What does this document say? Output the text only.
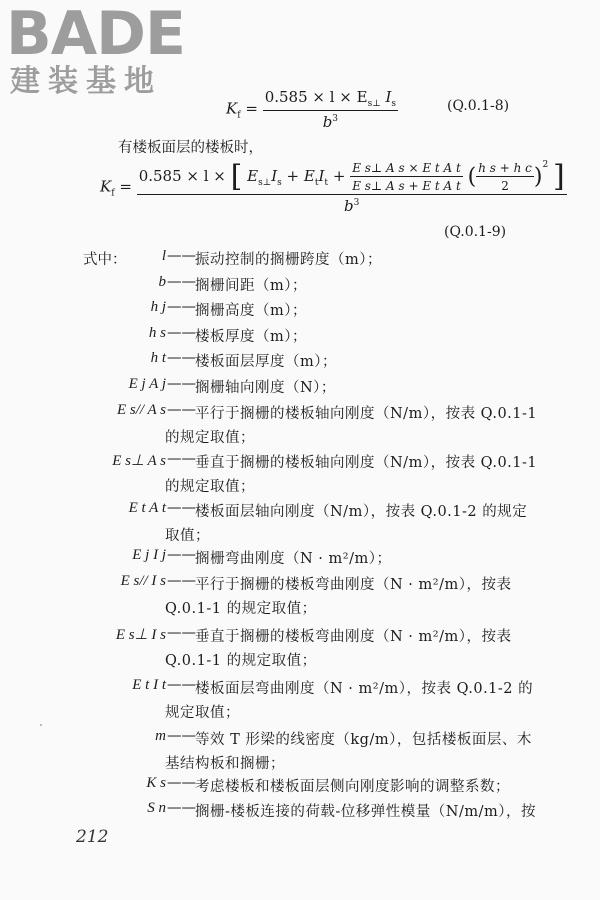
BADE
建装基地
$K_f = \frac{0.585 \times l \times E_{s\perp} I_s}{b^3}$	(Q.0.1-8)
有楼板面层的楼板时，
$K_f$ =
0.585 × l × [ $E_{s\perp}I_s + E_tI_t + \frac{\text{E s⊥ A s × E t A t}}{\text{E s⊥ A s + E t A t}}$ ( $\frac{\text{h s + h c}}{2} )^2$ ]
$b^3$
(Q.0.1-9)
式中： l —— 振动控制的搁栅跨度（m）；
b —— 搁栅间距（m）；
h j —— 搁栅高度（m）；
h s —— 楼板厚度（m）；
h t —— 楼板面层厚度（m）；
E j A j —— 搁栅轴向刚度（N）；
E s// A s —— 平行于搁栅的楼板轴向刚度（N/m），按表 Q.0.1-1
的规定取值；
E s⊥ A s —— 垂直于搁栅的楼板轴向刚度（N/m），按表 Q.0.1-1
的规定取值；
E t A t —— 楼板面层轴向刚度（N/m），按表 Q.0.1-2 的规定
取值；
E j I j —— 搁栅弯曲刚度（N · m²/m）；
E s// I s —— 平行于搁栅的楼板弯曲刚度（N · m²/m），按表
Q.0.1-1 的规定取值；
E s⊥ I s —— 垂直于搁栅的楼板弯曲刚度（N · m²/m），按表
Q.0.1-1 的规定取值；
E t I t —— 楼板面层弯曲刚度（N · m²/m），按表 Q.0.1-2 的
规定取值；
m —— 等效 T 形梁的线密度（kg/m），包括楼板面层、木
基结构板和搁栅；
K s —— 考虑楼板和楼板面层侧向刚度影响的调整系数；
S n —— 搁栅-楼板连接的荷载-位移弹性模量（N/m/m），按
212
